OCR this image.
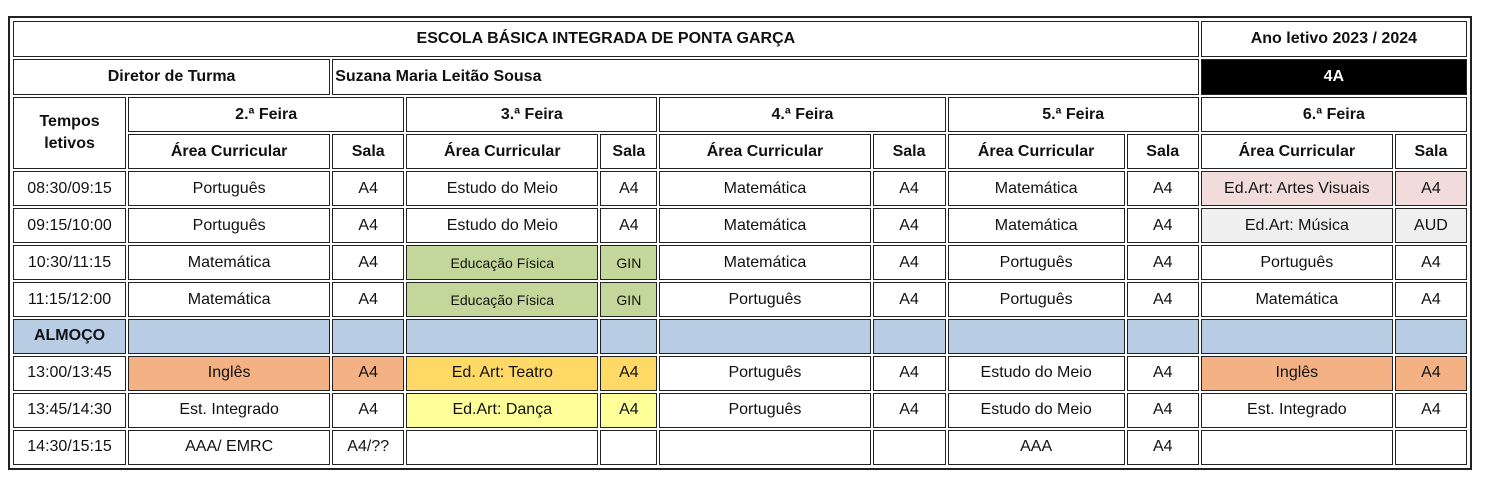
ESCOLA BÁSICA INTEGRADA DE PONTA GARÇA									Ano letivo 2023 / 2024	
Diretor de Turma		Suzana Maria Leitão Sousa							4A	
Tempos letivos	2.ª Feira		3.ª Feira		4.ª Feira		5.ª Feira		6.ª Feira	
	Área Curricular	Sala	Área Curricular	Sala	Área Curricular	Sala	Área Curricular	Sala	Área Curricular	Sala
08:30/09:15	Português	A4	Estudo do Meio	A4	Matemática	A4	Matemática	A4	Ed.Art: Artes Visuais	A4
09:15/10:00	Português	A4	Estudo do Meio	A4	Matemática	A4	Matemática	A4	Ed.Art: Música	AUD
10:30/11:15	Matemática	A4	Educação Física	GIN	Matemática	A4	Português	A4	Português	A4
11:15/12:00	Matemática	A4	Educação Física	GIN	Português	A4	Português	A4	Matemática	A4
ALMOÇO										
13:00/13:45	Inglês	A4	Ed. Art: Teatro	A4	Português	A4	Estudo do Meio	A4	Inglês	A4
13:45/14:30	Est. Integrado	A4	Ed.Art: Dança	A4	Português	A4	Estudo do Meio	A4	Est. Integrado	A4
14:30/15:15	AAA/ EMRC	A4/??					AAA	A4		
